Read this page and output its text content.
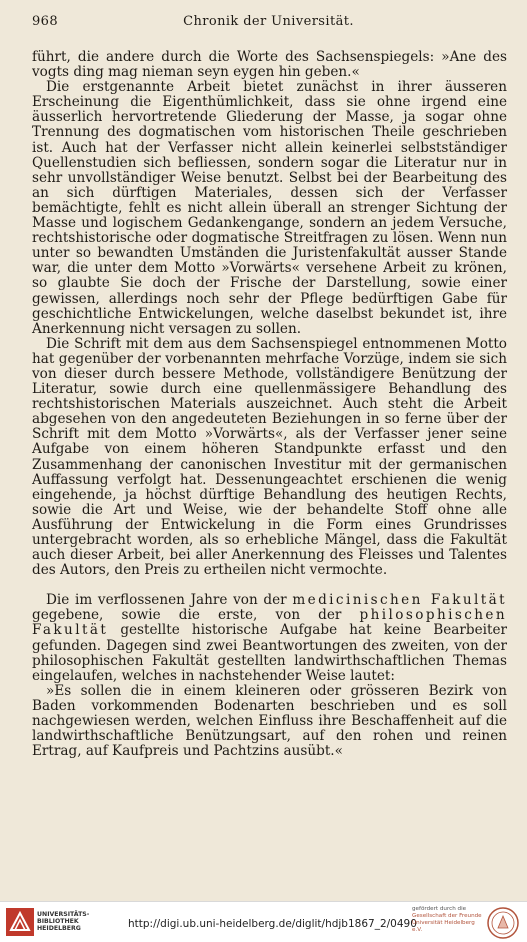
968	Chronik der Universität.

führt, die andere durch die Worte des Sachsenspiegels: »Ane des vogts ding mag nieman seyn eygen hin geben.«

Die erstgenannte Arbeit bietet zunächst in ihrer äusseren Erscheinung die Eigenthümlichkeit, dass sie ohne irgend eine äusserlich hervortretende Gliederung der Masse, ja sogar ohne Trennung des dogmatischen vom historischen Theile geschrieben ist. Auch hat der Verfasser nicht allein keinerlei selbstständiger Quellenstudien sich befliessen, sondern sogar die Literatur nur in sehr unvollständiger Weise benutzt. Selbst bei der Bearbeitung des an sich dürftigen Materiales, dessen sich der Verfasser bemächtigte, fehlt es nicht allein überall an strenger Sichtung der Masse und logischem Gedankengange, sondern an jedem Versuche, rechtshistorische oder dogmatische Streitfragen zu lösen. Wenn nun unter so bewandten Umständen die Juristenfakultät ausser Stande war, die unter dem Motto »Vorwärts« versehene Arbeit zu krönen, so glaubte Sie doch der Frische der Darstellung, sowie einer gewissen, allerdings noch sehr der Pflege bedürftigen Gabe für geschichtliche Entwickelungen, welche daselbst bekundet ist, ihre Anerkennung nicht versagen zu sollen.

Die Schrift mit dem aus dem Sachsenspiegel entnommenen Motto hat gegenüber der vorbenannten mehrfache Vorzüge, indem sie sich von dieser durch bessere Methode, vollständigere Benützung der Literatur, sowie durch eine quellenmässigere Behandlung des rechtshistorischen Materials auszeichnet. Auch steht die Arbeit abgesehen von den angedeuteten Beziehungen in so ferne über der Schrift mit dem Motto »Vorwärts«, als der Verfasser jener seine Aufgabe von einem höheren Standpunkte erfasst und den Zusammenhang der canonischen Investitur mit der germanischen Auffassung verfolgt hat. Dessenungeachtet erschienen die wenig eingehende, ja höchst dürftige Behandlung des heutigen Rechts, sowie die Art und Weise, wie der behandelte Stoff ohne alle Ausführung der Entwickelung in die Form eines Grundrisses untergebracht worden, als so erhebliche Mängel, dass die Fakultät auch dieser Arbeit, bei aller Anerkennung des Fleisses und Talentes des Autors, den Preis zu ertheilen nicht vermochte.

Die im verflossenen Jahre von der medicinischen Fakultät gegebene, sowie die erste, von der philosophischen Fakultät gestellte historische Aufgabe hat keine Bearbeiter gefunden. Dagegen sind zwei Beantwortungen des zweiten, von der philosophischen Fakultät gestellten landwirthschaftlichen Themas eingelaufen, welches in nachstehender Weise lautet:

»Es sollen die in einem kleineren oder grösseren Bezirk von Baden vorkommenden Bodenarten beschrieben und es soll nachgewiesen werden, welchen Einfluss ihre Beschaffenheit auf die landwirthschaftliche Benützungsart, auf den rohen und reinen Ertrag, auf Kaufpreis und Pachtzins ausübt.«

UNIVERSITÄTS-
BIBLIOTHEK
HEIDELBERG	http://digi.ub.uni-heidelberg.de/diglit/hdjb1867_2/0490
gefördert durch die
Gesellschaft der Freunde
Universität Heidelberg e.V.
